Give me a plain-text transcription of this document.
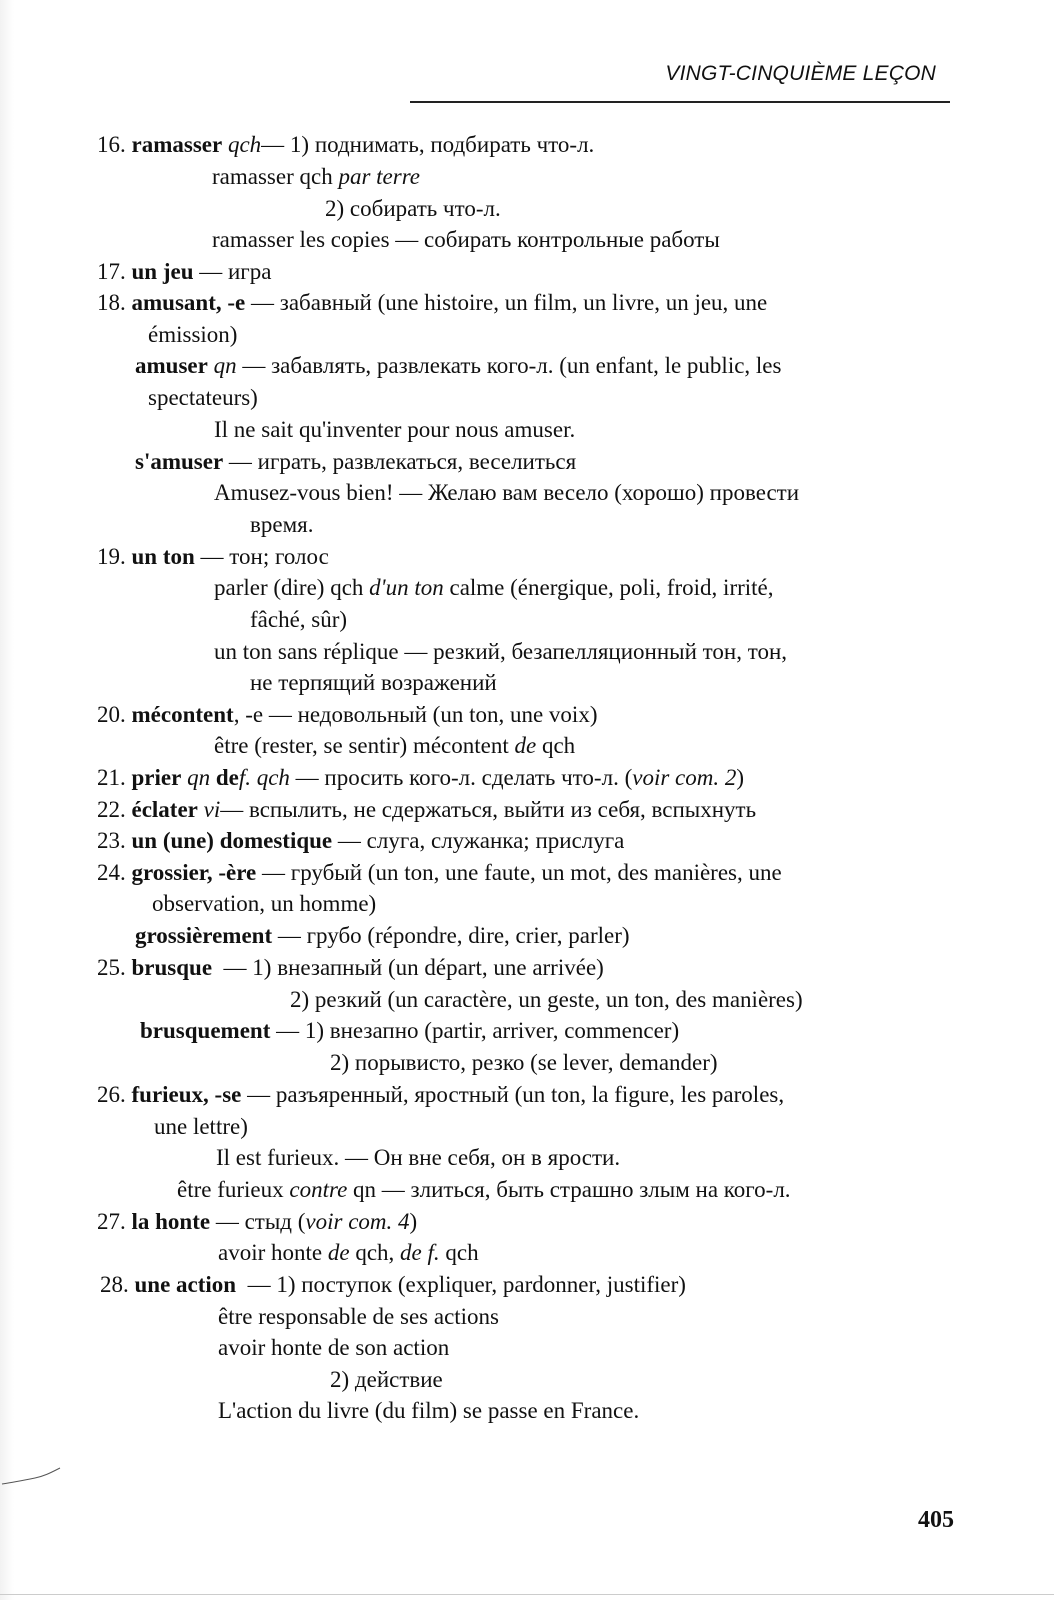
VINGT-CINQUIÈME LEÇON
16. ramasser qch— 1) поднимать, подбирать что-л.
ramasser qch par terre
2) собирать что-л.
ramasser les copies — собирать контрольные работы
17. un jeu — игра
18. amusant, -e — забавный (une histoire, un film, un livre, un jeu, une
émission)
amuser qn — забавлять, развлекать кого-л. (un enfant, le public, les
spectateurs)
Il ne sait qu'inventer pour nous amuser.
s'amuser — играть, развлекаться, веселиться
Amusez-vous bien! — Желаю вам весело (хорошо) провести
время.
19. un ton — тон; голос
parler (dire) qch d'un ton calme (énergique, poli, froid, irrité,
fâché, sûr)
un ton sans réplique — резкий, безапелляционный тон, тон,
не терпящий возражений
20. mécontent, -e — недовольный (un ton, une voix)
être (rester, se sentir) mécontent de qch
21. prier qn def. qch — просить кого-л. сделать что-л. (voir com. 2)
22. éclater vi— вспылить, не сдержаться, выйти из себя, вспыхнуть
23. un (une) domestique — слуга, служанка; прислуга
24. grossier, -ère — грубый (un ton, une faute, un mot, des manières, une
observation, un homme)
grossièrement — грубо (répondre, dire, crier, parler)
25. brusque — 1) внезапный (un départ, une arrivée)
2) резкий (un caractère, un geste, un ton, des manières)
brusquement — 1) внезапно (partir, arriver, commencer)
2) порывисто, резко (se lever, demander)
26. furieux, -se — разъяренный, яростный (un ton, la figure, les paroles,
une lettre)
Il est furieux. — Он вне себя, он в ярости.
être furieux contre qn — злиться, быть страшно злым на кого-л.
27. la honte — стыд (voir com. 4)
avoir honte de qch, de f. qch
28. une action — 1) поступок (expliquer, pardonner, justifier)
être responsable de ses actions
avoir honte de son action
2) действие
L'action du livre (du film) se passe en France.
405
